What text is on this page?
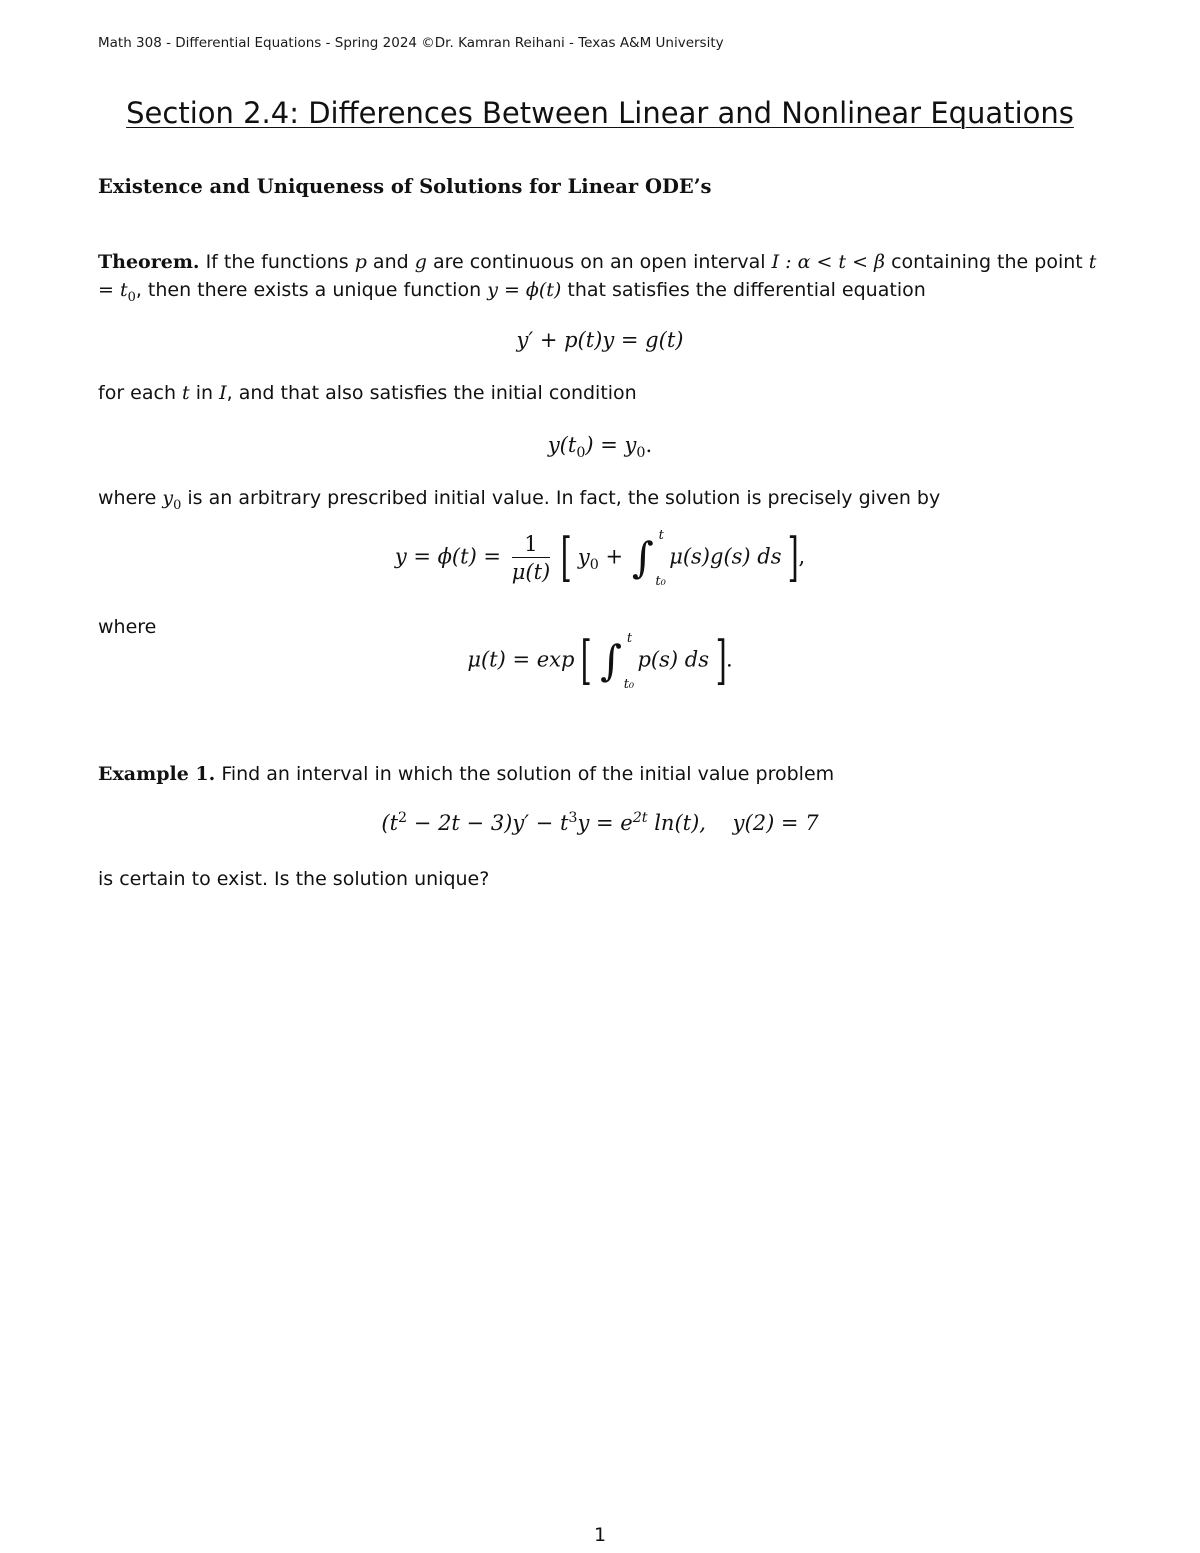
Math 308 - Differential Equations - Spring 2024 ©Dr. Kamran Reihani - Texas A&M University
Section 2.4: Differences Between Linear and Nonlinear Equations
Existence and Uniqueness of Solutions for Linear ODE’s
Theorem. If the functions p and g are continuous on an open interval I : α < t < β containing the point $t = t_0$, then there exists a unique function y = ϕ(t) that satisfies the differential equation
y′ + p(t)y = g(t)
for each t in I, and that also satisfies the initial condition
$y(t_0) = y_0$.
where $y_0$ is an arbitrary prescribed initial value. In fact, the solution is precisely given by
$y = \phi(t) = \frac{1}{\mu(t)}$ [ $y_0$ + ∫ t
t₀
μ(s)g(s) ds ],
where
μ(t) = exp [ ∫ t
t₀
p(s) ds ].
Example 1. Find an interval in which the solution of the initial value problem
$(t^2 - 2t - 3)y' - t^3y = e^{2t}$ ln(t),    y(2) = 7
is certain to exist. Is the solution unique?
1
